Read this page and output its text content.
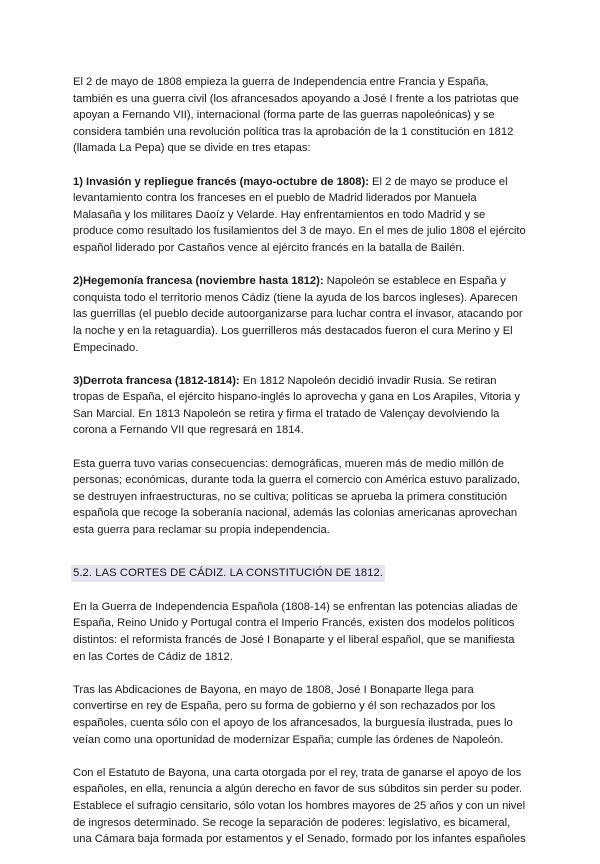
El 2 de mayo de 1808 empieza la guerra de Independencia entre Francia y España, también es una guerra civil (los afrancesados apoyando a José I frente a los patriotas que apoyan a Fernando VII), internacional (forma parte de las guerras napoleónicas) y se considera también una revolución política tras la aprobación de la 1 constitución en 1812 (llamada La Pepa) que se divide en tres etapas:

1) Invasión y repliegue francés (mayo-octubre de 1808): El 2 de mayo se produce el levantamiento contra los franceses en el pueblo de Madrid liderados por Manuela Malasaña y los militares Daoíz y Velarde. Hay enfrentamientos en todo Madrid y se produce como resultado los fusilamientos del 3 de mayo. En el mes de julio 1808 el ejército español liderado por Castaños vence al ejército francés en la batalla de Bailén.

2)Hegemonía francesa (noviembre hasta 1812): Napoleón se establece en España y conquista todo el territorio menos Cádiz (tiene la ayuda de los barcos ingleses). Aparecen las guerrillas (el pueblo decide autoorganizarse para luchar contra el invasor, atacando por la noche y en la retaguardia). Los guerrilleros más destacados fueron el cura Merino y El Empecinado.

3)Derrota francesa (1812-1814): En 1812 Napoleón decidió invadir Rusia. Se retiran tropas de España, el ejército hispano-inglés lo aprovecha y gana en Los Arapiles, Vitoria y San Marcial. En 1813 Napoleón se retira y firma el tratado de Valençay devolviendo la corona a Fernando VII que regresará en 1814.

Esta guerra tuvo varias consecuencias: demográficas, mueren más de medio millón de personas; económicas, durante toda la guerra el comercio con América estuvo paralizado, se destruyen infraestructuras, no se cultiva; políticas se aprueba la primera constitución española que recoge la soberanía nacional, además las colonias americanas aprovechan esta guerra para reclamar su propia independencia.

5.2. LAS CORTES DE CÁDIZ. LA CONSTITUCIÓN DE 1812.

En la Guerra de Independencia Española (1808-14) se enfrentan las potencias aliadas de España, Reino Unido y Portugal contra el Imperio Francés, existen dos modelos políticos distintos: el reformista francés de José I Bonaparte y el liberal español, que se manifiesta en las Cortes de Cádiz de 1812.

Tras las Abdicaciones de Bayona, en mayo de 1808, José I Bonaparte llega para convertirse en rey de España, pero su forma de gobierno y él son rechazados por los españoles, cuenta sólo con el apoyo de los afrancesados, la burguesía ilustrada, pues lo veían como una oportunidad de modernizar España; cumple las órdenes de Napoleón.

Con el Estatuto de Bayona, una carta otorgada por el rey, trata de ganarse el apoyo de los españoles, en ella, renuncia a algún derecho en favor de sus súbditos sin perder su poder. Establece el sufragio censitario, sólo votan los hombres mayores de 25 años y con un nivel de ingresos determinado. Se recoge la separación de poderes: legislativo, es bicameral, una Cámara baja formada por estamentos y el Senado, formado por los infantes españoles
